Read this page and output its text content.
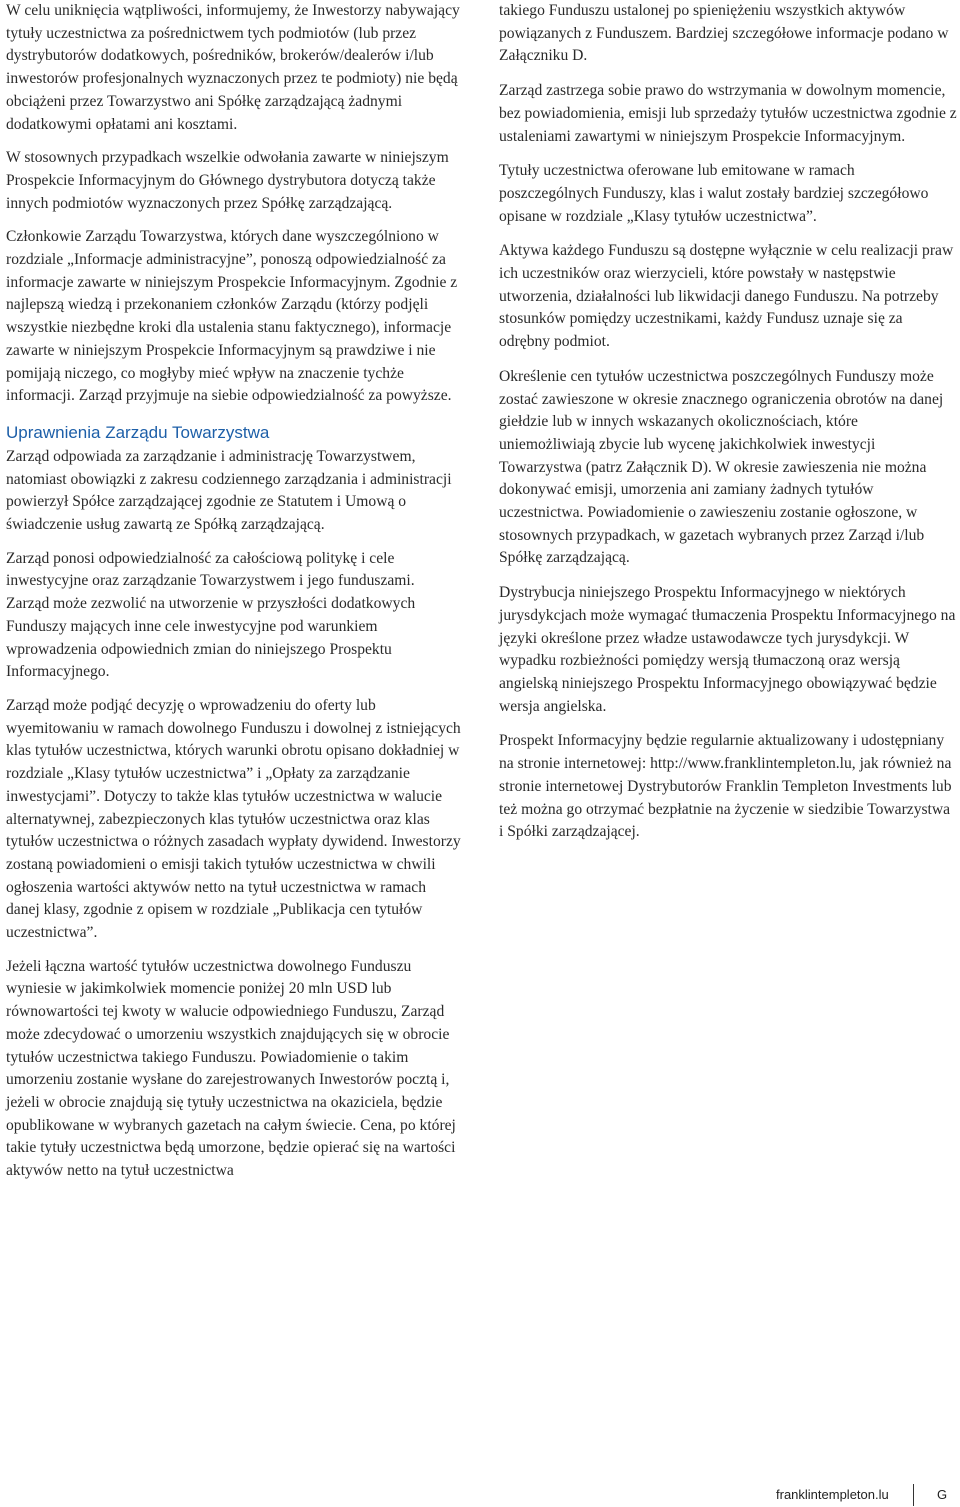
W celu uniknięcia wątpliwości, informujemy, że Inwestorzy nabywający tytuły uczestnictwa za pośrednictwem tych podmiotów (lub przez dystrybutorów dodatkowych, pośredników, brokerów/dealerów i/lub inwestorów profesjonalnych wyznaczonych przez te podmioty) nie będą obciążeni przez Towarzystwo ani Spółkę zarządzającą żadnymi dodatkowymi opłatami ani kosztami.

W stosownych przypadkach wszelkie odwołania zawarte w niniejszym Prospekcie Informacyjnym do Głównego dystrybutora dotyczą także innych podmiotów wyznaczonych przez Spółkę zarządzającą.

Członkowie Zarządu Towarzystwa, których dane wyszczególniono w rozdziale „Informacje administracyjne”, ponoszą odpowiedzialność za informacje zawarte w niniejszym Prospekcie Informacyjnym. Zgodnie z najlepszą wiedzą i przekonaniem członków Zarządu (którzy podjęli wszystkie niezbędne kroki dla ustalenia stanu faktycznego), informacje zawarte w niniejszym Prospekcie Informacyjnym są prawdziwe i nie pomijają niczego, co mogłyby mieć wpływ na znaczenie tychże informacji. Zarząd przyjmuje na siebie odpowiedzialność za powyższe.

Uprawnienia Zarządu Towarzystwa

Zarząd odpowiada za zarządzanie i administrację Towarzystwem, natomiast obowiązki z zakresu codziennego zarządzania i administracji powierzył Spółce zarządzającej zgodnie ze Statutem i Umową o świadczenie usług zawartą ze Spółką zarządzającą.

Zarząd ponosi odpowiedzialność za całościową politykę i cele inwestycyjne oraz zarządzanie Towarzystwem i jego funduszami. Zarząd może zezwolić na utworzenie w przyszłości dodatkowych Funduszy mających inne cele inwestycyjne pod warunkiem wprowadzenia odpowiednich zmian do niniejszego Prospektu Informacyjnego.

Zarząd może podjąć decyzję o wprowadzeniu do oferty lub wyemitowaniu w ramach dowolnego Funduszu i dowolnej z istniejących klas tytułów uczestnictwa, których warunki obrotu opisano dokładniej w rozdziale „Klasy tytułów uczestnictwa” i „Opłaty za zarządzanie inwestycjami”. Dotyczy to także klas tytułów uczestnictwa w walucie alternatywnej, zabezpieczonych klas tytułów uczestnictwa oraz klas tytułów uczestnictwa o różnych zasadach wypłaty dywidend. Inwestorzy zostaną powiadomieni o emisji takich tytułów uczestnictwa w chwili ogłoszenia wartości aktywów netto na tytuł uczestnictwa w ramach danej klasy, zgodnie z opisem w rozdziale „Publikacja cen tytułów uczestnictwa”.

Jeżeli łączna wartość tytułów uczestnictwa dowolnego Funduszu wyniesie w jakimkolwiek momencie poniżej 20 mln USD lub równowartości tej kwoty w walucie odpowiedniego Funduszu, Zarząd może zdecydować o umorzeniu wszystkich znajdujących się w obrocie tytułów uczestnictwa takiego Funduszu. Powiadomienie o takim umorzeniu zostanie wysłane do zarejestrowanych Inwestorów pocztą i, jeżeli w obrocie znajdują się tytuły uczestnictwa na okaziciela, będzie opublikowane w wybranych gazetach na całym świecie. Cena, po której takie tytuły uczestnictwa będą umorzone, będzie opierać się na wartości aktywów netto na tytuł uczestnictwa

takiego Funduszu ustalonej po spieniężeniu wszystkich aktywów powiązanych z Funduszem. Bardziej szczegółowe informacje podano w Załączniku D.

Zarząd zastrzega sobie prawo do wstrzymania w dowolnym momencie, bez powiadomienia, emisji lub sprzedaży tytułów uczestnictwa zgodnie z ustaleniami zawartymi w niniejszym Prospekcie Informacyjnym.

Tytuły uczestnictwa oferowane lub emitowane w ramach poszczególnych Funduszy, klas i walut zostały bardziej szczegółowo opisane w rozdziale „Klasy tytułów uczestnictwa”.

Aktywa każdego Funduszu są dostępne wyłącznie w celu realizacji praw ich uczestników oraz wierzycieli, które powstały w następstwie utworzenia, działalności lub likwidacji danego Funduszu. Na potrzeby stosunków pomiędzy uczestnikami, każdy Fundusz uznaje się za odrębny podmiot.

Określenie cen tytułów uczestnictwa poszczególnych Funduszy może zostać zawieszone w okresie znacznego ograniczenia obrotów na danej giełdzie lub w innych wskazanych okolicznościach, które uniemożliwiają zbycie lub wycenę jakichkolwiek inwestycji Towarzystwa (patrz Załącznik D). W okresie zawieszenia nie można dokonywać emisji, umorzenia ani zamiany żadnych tytułów uczestnictwa. Powiadomienie o zawieszeniu zostanie ogłoszone, w stosownych przypadkach, w gazetach wybranych przez Zarząd i/lub Spółkę zarządzającą.

Dystrybucja niniejszego Prospektu Informacyjnego w niektórych jurysdykcjach może wymagać tłumaczenia Prospektu Informacyjnego na języki określone przez władze ustawodawcze tych jurysdykcji. W wypadku rozbieżności pomiędzy wersją tłumaczoną oraz wersją angielską niniejszego Prospektu Informacyjnego obowiązywać będzie wersja angielska.

Prospekt Informacyjny będzie regularnie aktualizowany i udostępniany na stronie internetowej: http://www.franklintempleton.lu, jak również na stronie internetowej Dystrybutorów Franklin Templeton Investments lub też można go otrzymać bezpłatnie na życzenie w siedzibie Towarzystwa i Spółki zarządzającej.

franklintempleton.lu	G
